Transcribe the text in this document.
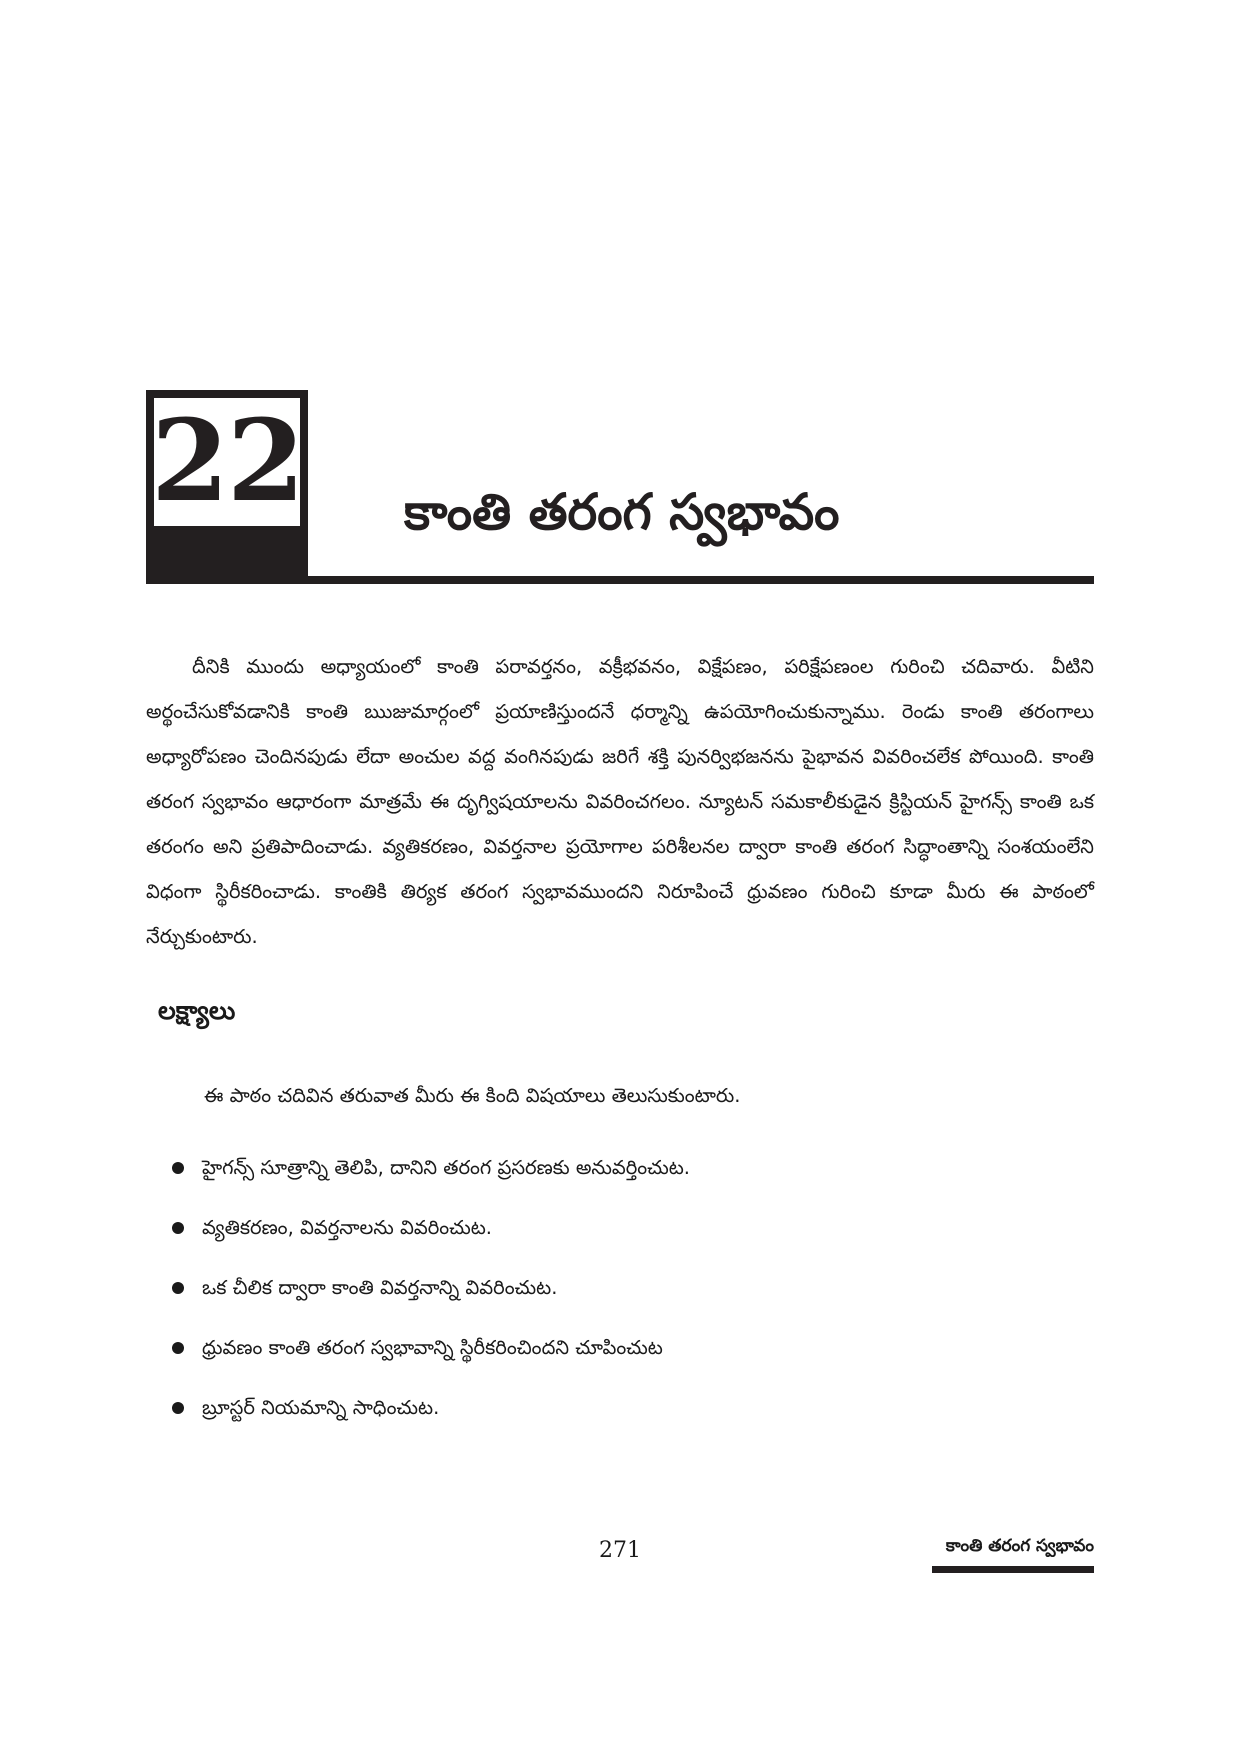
22 కాంతి తరంగ స్వభావం

దీనికి ముందు అధ్యాయంలో కాంతి పరావర్తనం, వక్రీభవనం, విక్షేపణం, పరిక్షేపణంల గురించి చదివారు. వీటిని అర్థంచేసుకోవడానికి కాంతి ఋజుమార్గంలో ప్రయాణిస్తుందనే ధర్మాన్ని ఉపయోగించుకున్నాము. రెండు కాంతి తరంగాలు అధ్యారోపణం చెందినపుడు లేదా అంచుల వద్ద వంగినపుడు జరిగే శక్తి పునర్విభజనను పైభావన వివరించలేక పోయింది. కాంతి తరంగ స్వభావం ఆధారంగా మాత్రమే ఈ దృగ్విషయాలను వివరించగలం. న్యూటన్ సమకాలీకుడైన క్రిస్టియన్ హైగన్స్ కాంతి ఒక తరంగం అని ప్రతిపాదించాడు. వ్యతికరణం, వివర్తనాల ప్రయోగాల పరిశీలనల ద్వారా కాంతి తరంగ సిద్ధాంతాన్ని సంశయంలేని విధంగా స్థిరీకరించాడు. కాంతికి తిర్యక తరంగ స్వభావముందని నిరూపించే ధ్రువణం గురించి కూడా మీరు ఈ పాఠంలో నేర్చుకుంటారు.

లక్ష్యాలు

ఈ పాఠం చదివిన తరువాత మీరు ఈ కింది విషయాలు తెలుసుకుంటారు.

హైగన్స్ సూత్రాన్ని తెలిపి, దానిని తరంగ ప్రసరణకు అనువర్తించుట.
వ్యతికరణం, వివర్తనాలను వివరించుట.
ఒక చీలిక ద్వారా కాంతి వివర్తనాన్ని వివరించుట.
ధ్రువణం కాంతి తరంగ స్వభావాన్ని స్థిరీకరించిందని చూపించుట
బ్రూస్టర్ నియమాన్ని సాధించుట.
271	కాంతి తరంగ స్వభావం
